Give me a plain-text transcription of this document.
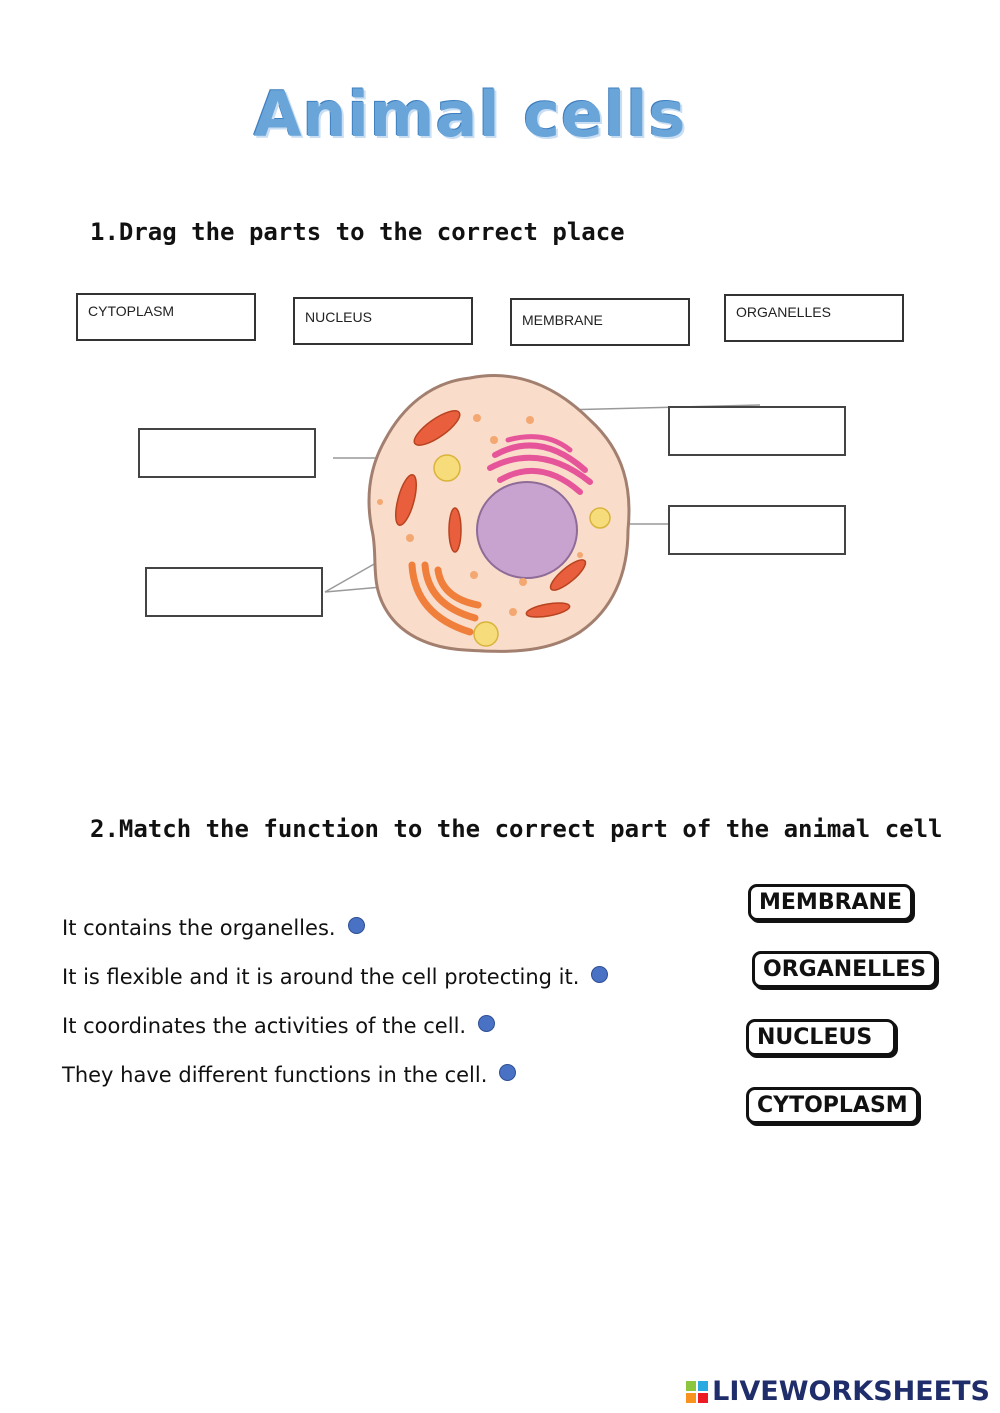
Animal cells
1.Drag the parts to the correct place
CYTOPLASM	NUCLEUS	MEMBRANE	ORGANELLES
2.Match the function to the correct part of the animal cell
It contains the organelles.
It is flexible and it is around the cell protecting it.
It coordinates the activities of the cell.
They have different functions in the cell.
MEMBRANE
ORGANELLES
NUCLEUS
CYTOPLASM
LIVEWORKSHEETS
